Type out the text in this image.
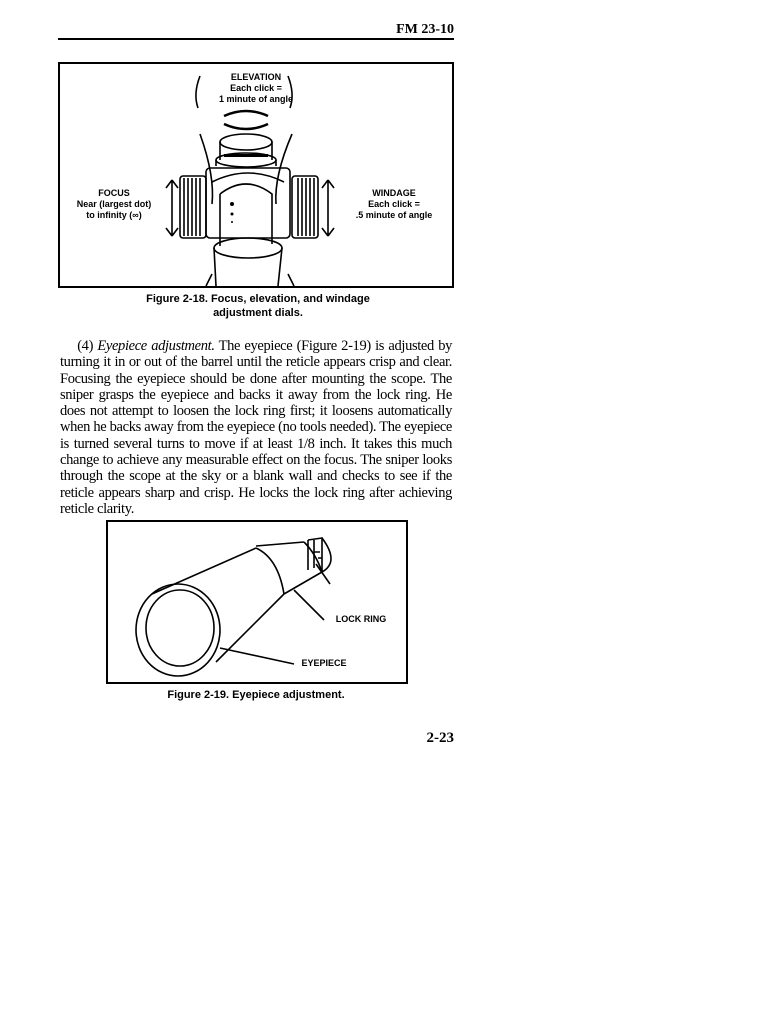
FM 23-10
ELEVATION
Each click =
1 minute of angle
FOCUS
Near (largest dot)
to infinity (∞)
WINDAGE
Each click =
.5 minute of angle
Figure 2-18. Focus, elevation, and windage
adjustment dials.

(4) Eyepiece adjustment. The eyepiece (Figure 2-19) is adjusted by turning it in or out of the barrel until the reticle appears crisp and clear. Focusing the eyepiece should be done after mounting the scope. The sniper grasps the eyepiece and backs it away from the lock ring. He does not attempt to loosen the lock ring first; it loosens automatically when he backs away from the eyepiece (no tools needed). The eyepiece is turned several turns to move if at least 1/8 inch. It takes this much change to achieve any measurable effect on the focus. The sniper looks through the scope at the sky or a blank wall and checks to see if the reticle appears sharp and crisp. He locks the lock ring after achieving reticle clarity.

LOCK RING
EYEPIECE
Figure 2-19. Eyepiece adjustment.
2-23
